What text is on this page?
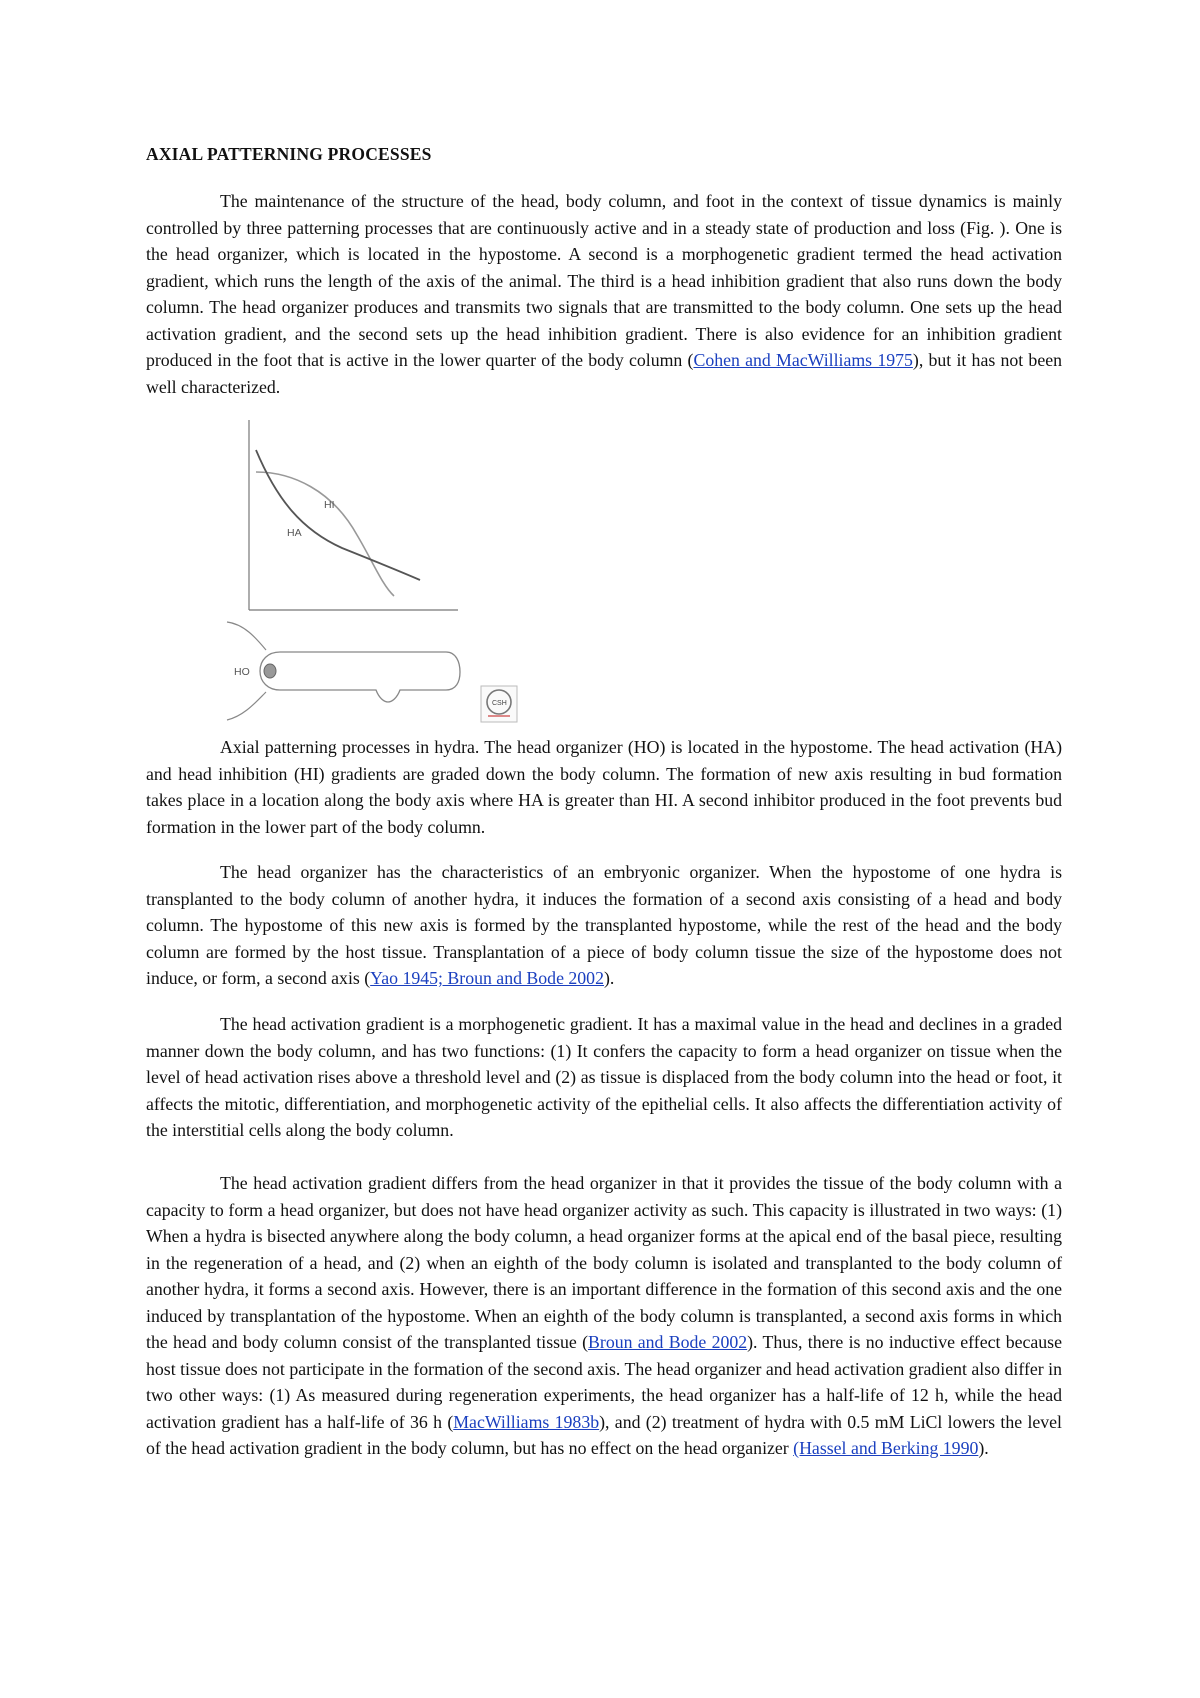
AXIAL PATTERNING PROCESSES

The maintenance of the structure of the head, body column, and foot in the context of tissue dynamics is mainly controlled by three patterning processes that are continuously active and in a steady state of production and loss (Fig. ). One is the head organizer, which is located in the hypostome. A second is a morphogenetic gradient termed the head activation gradient, which runs the length of the axis of the animal. The third is a head inhibition gradient that also runs down the body column. The head organizer produces and transmits two signals that are transmitted to the body column. One sets up the head activation gradient, and the second sets up the head inhibition gradient. There is also evidence for an inhibition gradient produced in the foot that is active in the lower quarter of the body column (Cohen and MacWilliams 1975), but it has not been well characterized.

HI
HA
HO
CSH

Axial patterning processes in hydra. The head organizer (HO) is located in the hypostome. The head activation (HA) and head inhibition (HI) gradients are graded down the body column. The formation of new axis resulting in bud formation takes place in a location along the body axis where HA is greater than HI. A second inhibitor produced in the foot prevents bud formation in the lower part of the body column.

The head organizer has the characteristics of an embryonic organizer. When the hypostome of one hydra is transplanted to the body column of another hydra, it induces the formation of a second axis consisting of a head and body column. The hypostome of this new axis is formed by the transplanted hypostome, while the rest of the head and the body column are formed by the host tissue. Transplantation of a piece of body column tissue the size of the hypostome does not induce, or form, a second axis (Yao 1945; Broun and Bode 2002).

The head activation gradient is a morphogenetic gradient. It has a maximal value in the head and declines in a graded manner down the body column, and has two functions: (1) It confers the capacity to form a head organizer on tissue when the level of head activation rises above a threshold level and (2) as tissue is displaced from the body column into the head or foot, it affects the mitotic, differentiation, and morphogenetic activity of the epithelial cells. It also affects the differentiation activity of the interstitial cells along the body column.

The head activation gradient differs from the head organizer in that it provides the tissue of the body column with a capacity to form a head organizer, but does not have head organizer activity as such. This capacity is illustrated in two ways: (1) When a hydra is bisected anywhere along the body column, a head organizer forms at the apical end of the basal piece, resulting in the regeneration of a head, and (2) when an eighth of the body column is isolated and transplanted to the body column of another hydra, it forms a second axis. However, there is an important difference in the formation of this second axis and the one induced by transplantation of the hypostome. When an eighth of the body column is transplanted, a second axis forms in which the head and body column consist of the transplanted tissue (Broun and Bode 2002). Thus, there is no inductive effect because host tissue does not participate in the formation of the second axis. The head organizer and head activation gradient also differ in two other ways: (1) As measured during regeneration experiments, the head organizer has a half-life of 12 h, while the head activation gradient has a half-life of 36 h (MacWilliams 1983b), and (2) treatment of hydra with 0.5 mM LiCl lowers the level of the head activation gradient in the body column, but has no effect on the head organizer (Hassel and Berking 1990).
